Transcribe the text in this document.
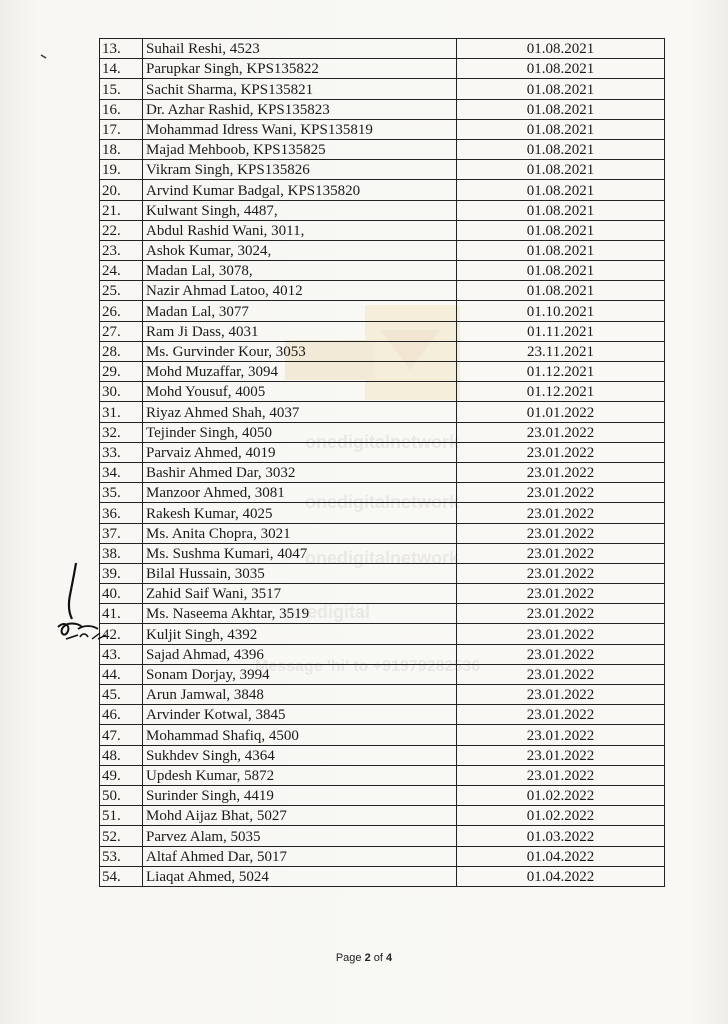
13.	Suhail Reshi, 4523	01.08.2021
14.	Parupkar Singh, KPS135822	01.08.2021
15.	Sachit Sharma, KPS135821	01.08.2021
16.	Dr. Azhar Rashid, KPS135823	01.08.2021
17.	Mohammad Idress Wani, KPS135819	01.08.2021
18.	Majad Mehboob, KPS135825	01.08.2021
19.	Vikram Singh, KPS135826	01.08.2021
20.	Arvind Kumar Badgal, KPS135820	01.08.2021
21.	Kulwant Singh, 4487,	01.08.2021
22.	Abdul Rashid Wani, 3011,	01.08.2021
23.	Ashok Kumar, 3024,	01.08.2021
24.	Madan Lal, 3078,	01.08.2021
25.	Nazir Ahmad Latoo, 4012	01.08.2021
26.	Madan Lal, 3077	01.10.2021
27.	Ram Ji Dass, 4031	01.11.2021
28.	Ms. Gurvinder Kour, 3053	23.11.2021
29.	Mohd Muzaffar, 3094	01.12.2021
30.	Mohd Yousuf, 4005	01.12.2021
31.	Riyaz Ahmed Shah, 4037	01.01.2022
32.	Tejinder Singh, 4050	23.01.2022
33.	Parvaiz Ahmed, 4019	23.01.2022
34.	Bashir Ahmed Dar, 3032	23.01.2022
35.	Manzoor Ahmed, 3081	23.01.2022
36.	Rakesh Kumar, 4025	23.01.2022
37.	Ms. Anita Chopra, 3021	23.01.2022
38.	Ms. Sushma Kumari, 4047	23.01.2022
39.	Bilal Hussain, 3035	23.01.2022
40.	Zahid Saif Wani, 3517	23.01.2022
41.	Ms. Naseema Akhtar, 3519	23.01.2022
42.	Kuljit Singh, 4392	23.01.2022
43.	Sajad Ahmad, 4396	23.01.2022
44.	Sonam Dorjay, 3994	23.01.2022
45.	Arun Jamwal, 3848	23.01.2022
46.	Arvinder Kotwal, 3845	23.01.2022
47.	Mohammad Shafiq, 4500	23.01.2022
48.	Sukhdev Singh, 4364	23.01.2022
49.	Updesh Kumar, 5872	23.01.2022
50.	Surinder Singh, 4419	01.02.2022
51.	Mohd Aijaz Bhat, 5027	01.02.2022
52.	Parvez Alam, 5035	01.03.2022
53.	Altaf Ahmed Dar, 5017	01.04.2022
54.	Liaqat Ahmed, 5024	01.04.2022
Page 2 of 4
